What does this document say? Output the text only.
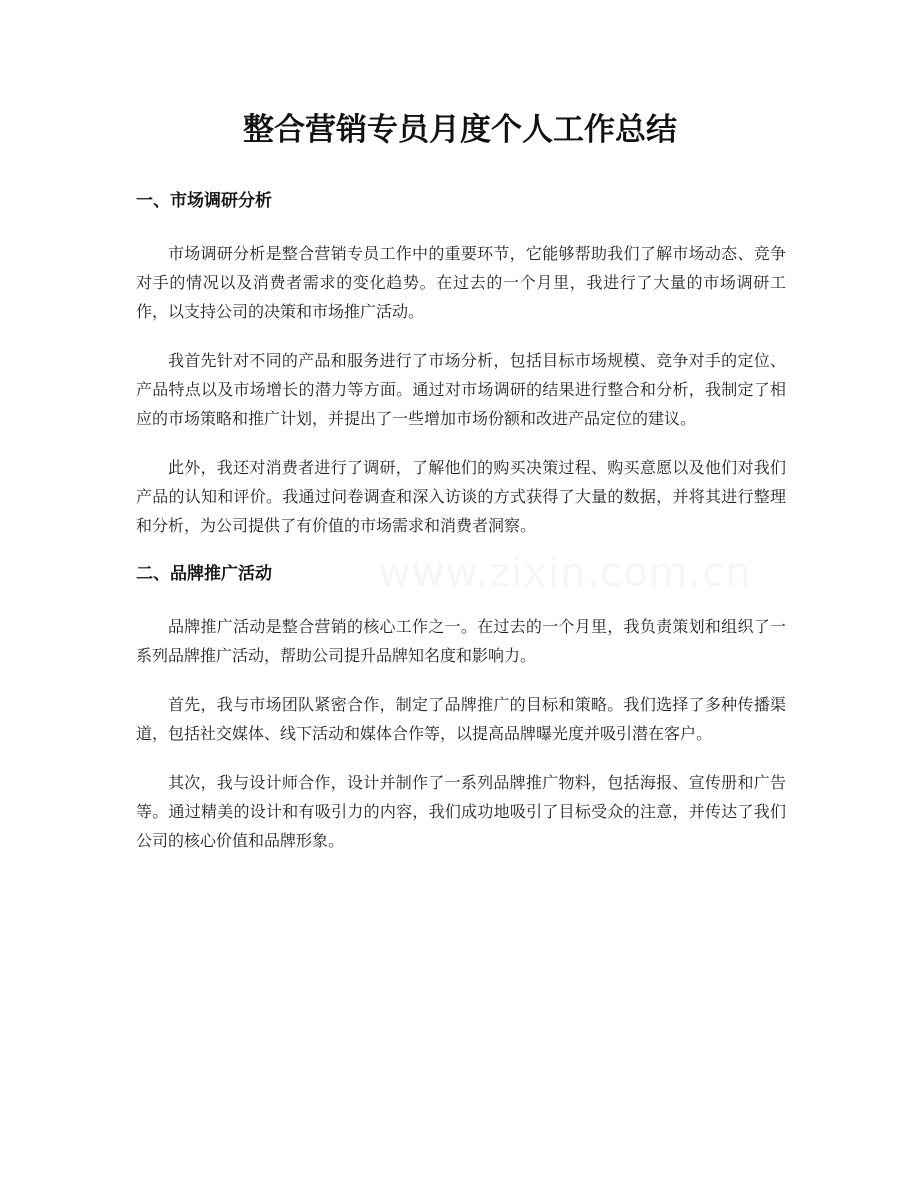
整合营销专员月度个人工作总结
一、市场调研分析

市场调研分析是整合营销专员工作中的重要环节，它能够帮助我们了解市场动态、竞争对手的情况以及消费者需求的变化趋势。在过去的一个月里，我进行了大量的市场调研工作，以支持公司的决策和市场推广活动。

我首先针对不同的产品和服务进行了市场分析，包括目标市场规模、竞争对手的定位、产品特点以及市场增长的潜力等方面。通过对市场调研的结果进行整合和分析，我制定了相应的市场策略和推广计划，并提出了一些增加市场份额和改进产品定位的建议。

此外，我还对消费者进行了调研，了解他们的购买决策过程、购买意愿以及他们对我们产品的认知和评价。我通过问卷调查和深入访谈的方式获得了大量的数据，并将其进行整理和分析，为公司提供了有价值的市场需求和消费者洞察。

二、品牌推广活动

品牌推广活动是整合营销的核心工作之一。在过去的一个月里，我负责策划和组织了一系列品牌推广活动，帮助公司提升品牌知名度和影响力。

首先，我与市场团队紧密合作，制定了品牌推广的目标和策略。我们选择了多种传播渠道，包括社交媒体、线下活动和媒体合作等，以提高品牌曝光度并吸引潜在客户。

其次，我与设计师合作，设计并制作了一系列品牌推广物料，包括海报、宣传册和广告等。通过精美的设计和有吸引力的内容，我们成功地吸引了目标受众的注意，并传达了我们公司的核心价值和品牌形象。
